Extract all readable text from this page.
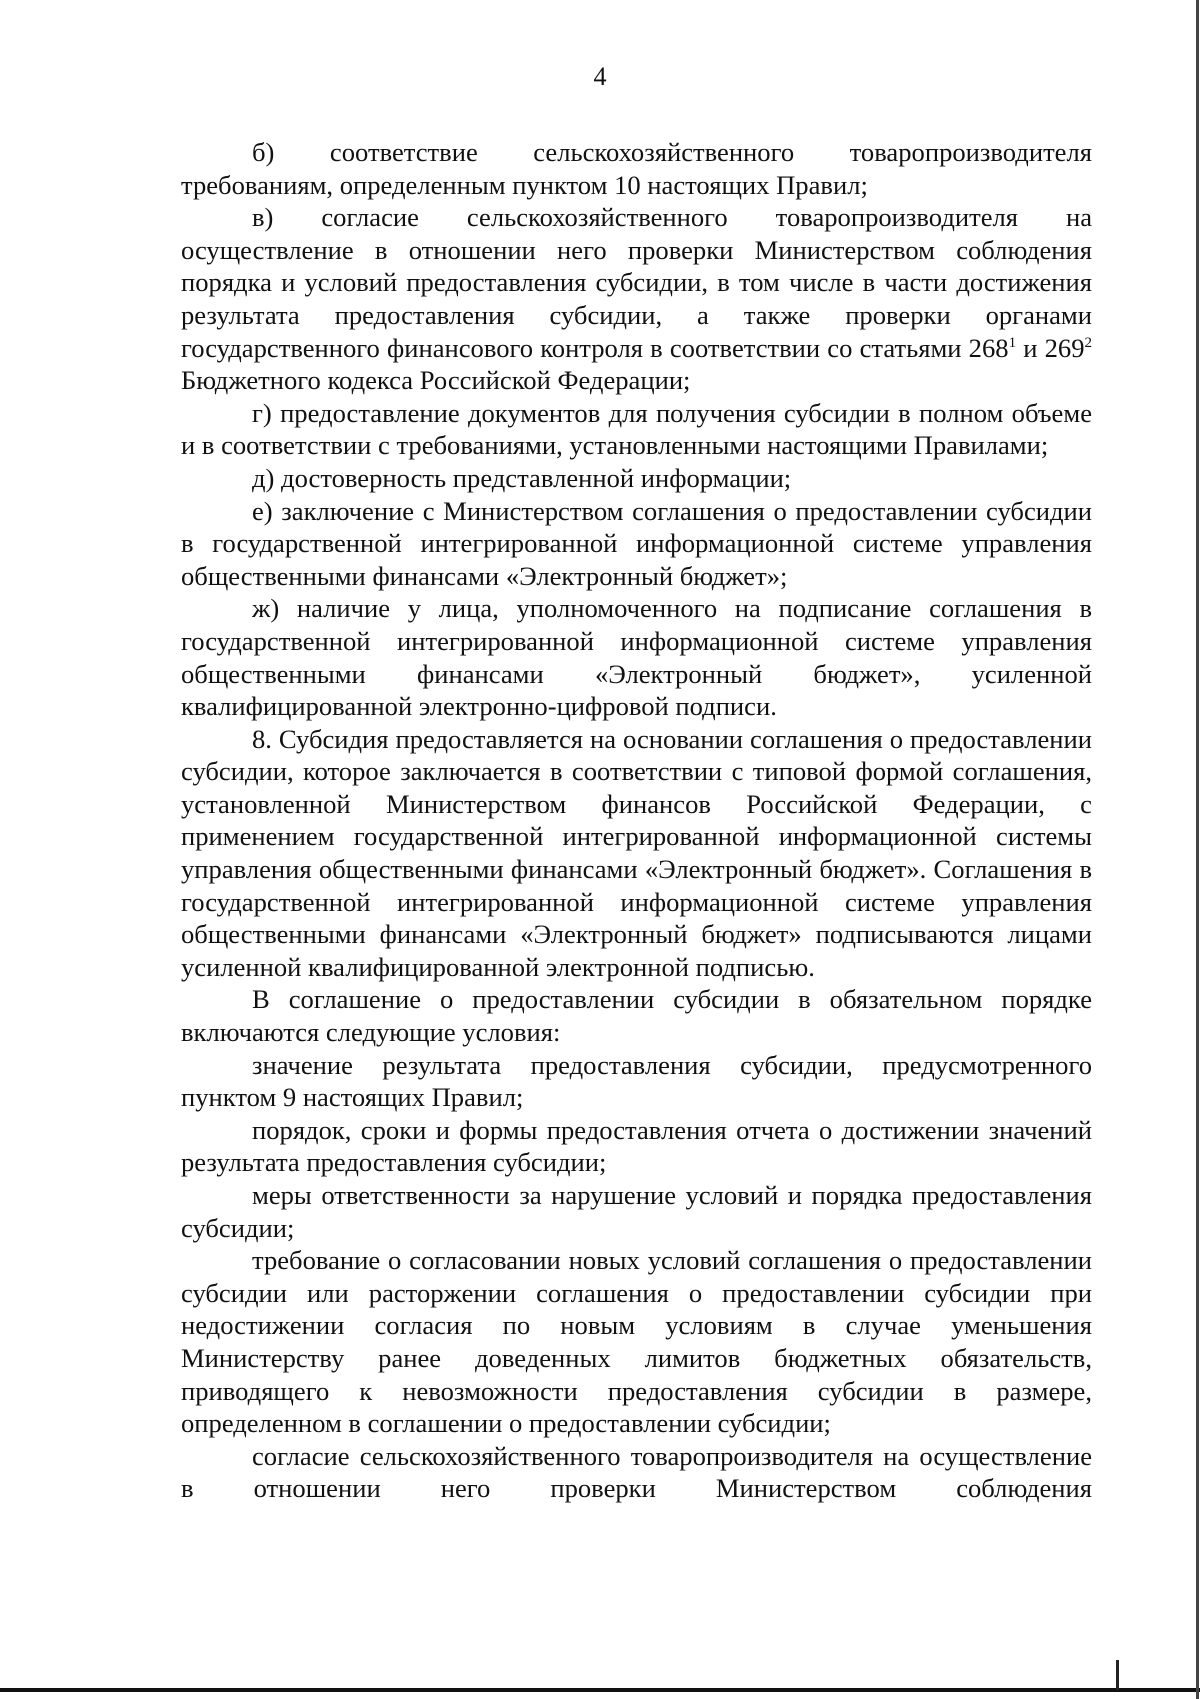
4

б) соответствие сельскохозяйственного товаропроизводителя требованиям, определенным пунктом 10 настоящих Правил;

в) согласие сельскохозяйственного товаропроизводителя на осуществление в отношении него проверки Министерством соблюдения порядка и условий предоставления субсидии, в том числе в части достижения результата предоставления субсидии, а также проверки органами государственного финансового контроля в соответствии со статьями $268^1$ и $269^2$ Бюджетного кодекса Российской Федерации;

г) предоставление документов для получения субсидии в полном объеме и в соответствии с требованиями, установленными настоящими Правилами;

д) достоверность представленной информации;

е) заключение с Министерством соглашения о предоставлении субсидии в государственной интегрированной информационной системе управления общественными финансами «Электронный бюджет»;

ж) наличие у лица, уполномоченного на подписание соглашения в государственной интегрированной информационной системе управления общественными финансами «Электронный бюджет», усиленной квалифицированной электронно-цифровой подписи.

8. Субсидия предоставляется на основании соглашения о предоставлении субсидии, которое заключается в соответствии с типовой формой соглашения, установленной Министерством финансов Российской Федерации, с применением государственной интегрированной информационной системы управления общественными финансами «Электронный бюджет». Соглашения в государственной интегрированной информационной системе управления общественными финансами «Электронный бюджет» подписываются лицами усиленной квалифицированной электронной подписью.

В соглашение о предоставлении субсидии в обязательном порядке включаются следующие условия:

значение результата предоставления субсидии, предусмотренного пунктом 9 настоящих Правил;

порядок, сроки и формы предоставления отчета о достижении значений результата предоставления субсидии;

меры ответственности за нарушение условий и порядка предоставления субсидии;

требование о согласовании новых условий соглашения о предоставлении субсидии или расторжении соглашения о предоставлении субсидии при недостижении согласия по новым условиям в случае уменьшения Министерству ранее доведенных лимитов бюджетных обязательств, приводящего к невозможности предоставления субсидии в размере, определенном в соглашении о предоставлении субсидии;

согласие сельскохозяйственного товаропроизводителя на осуществление в отношении него проверки Министерством соблюдения
